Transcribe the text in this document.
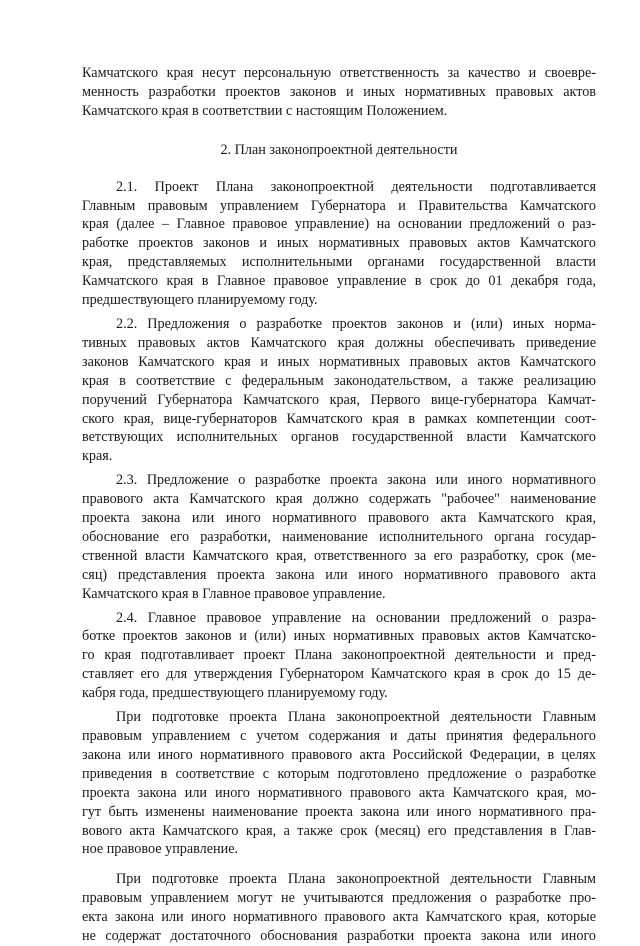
Камчатского края несут персональную ответственность за качество и своевре-
менность разработки проектов законов и иных нормативных правовых актов
Камчатского края в соответствии с настоящим Положением.
2. План законопроектной деятельности
2.1. Проект Плана законопроектной деятельности подготавливается
Главным правовым управлением Губернатора и Правительства Камчатского
края (далее – Главное правовое управление) на основании предложений о раз-
работке проектов законов и иных нормативных правовых актов Камчатского
края, представляемых исполнительными органами государственной власти
Камчатского края в Главное правовое управление в срок до 01 декабря года,
предшествующего планируемому году.
2.2. Предложения о разработке проектов законов и (или) иных норма-
тивных правовых актов Камчатского края должны обеспечивать приведение
законов Камчатского края и иных нормативных правовых актов Камчатского
края в соответствие с федеральным законодательством, а также реализацию
поручений Губернатора Камчатского края, Первого вице-губернатора Камчат-
ского края, вице-губернаторов Камчатского края в рамках компетенции соот-
ветствующих исполнительных органов государственной власти Камчатского
края.
2.3. Предложение о разработке проекта закона или иного нормативного
правового акта Камчатского края должно содержать "рабочее" наименование
проекта закона или иного нормативного правового акта Камчатского края,
обоснование его разработки, наименование исполнительного органа государ-
ственной власти Камчатского края, ответственного за его разработку, срок (ме-
сяц) представления проекта закона или иного нормативного правового акта
Камчатского края в Главное правовое управление.
2.4. Главное правовое управление на основании предложений о разра-
ботке проектов законов и (или) иных нормативных правовых актов Камчатско-
го края подготавливает проект Плана законопроектной деятельности и пред-
ставляет его для утверждения Губернатором Камчатского края в срок до 15 де-
кабря года, предшествующего планируемому году.
При подготовке проекта Плана законопроектной деятельности Главным
правовым управлением с учетом содержания и даты принятия федерального
закона или иного нормативного правового акта Российской Федерации, в целях
приведения в соответствие с которым подготовлено предложение о разработке
проекта закона или иного нормативного правового акта Камчатского края, мо-
гут быть изменены наименование проекта закона или иного нормативного пра-
вового акта Камчатского края, а также срок (месяц) его представления в Глав-
ное правовое управление.
При подготовке проекта Плана законопроектной деятельности Главным
правовым управлением могут не учитываются предложения о разработке про-
екта закона или иного нормативного правового акта Камчатского края, которые
не содержат достаточного обоснования разработки проекта закона или иного
